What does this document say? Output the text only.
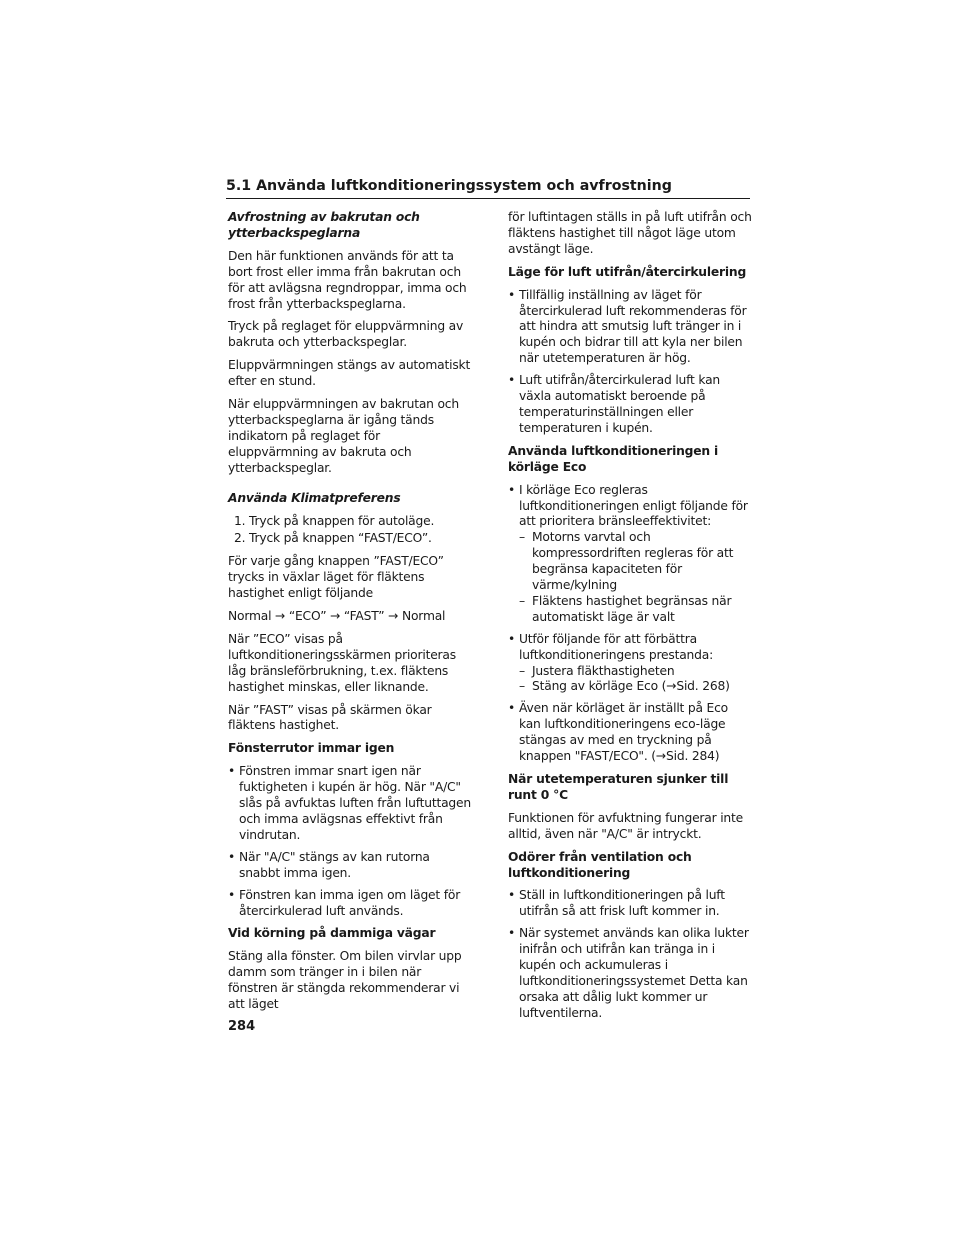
5.1 Använda luftkonditioneringssystem och avfrostning

Avfrostning av bakrutan och ytterbackspeglarna

Den här funktionen används för att ta bort frost eller imma från bakrutan och för att avlägsna regndroppar, imma och frost från ytterbackspeglarna.

Tryck på reglaget för eluppvärmning av bakruta och ytterbackspeglar.

Eluppvärmningen stängs av automatiskt efter en stund.

När eluppvärmningen av bakrutan och ytterbackspeglarna är igång tänds indikatorn på reglaget för eluppvärmning av bakruta och ytterbackspeglar.

Använda Klimatpreferens

1. Tryck på knappen för autoläge.
2. Tryck på knappen “FAST/ECO”.

För varje gång knappen ”FAST/ECO” trycks in växlar läget för fläktens hastighet enligt följande

Normal → “ECO” → “FAST” → Normal

När ”ECO” visas på luftkonditioneringsskärmen prioriteras låg bränsleförbrukning, t.ex. fläktens hastighet minskas, eller liknande.

När ”FAST” visas på skärmen ökar fläktens hastighet.

Fönsterrutor immar igen

• Fönstren immar snart igen när fuktigheten i kupén är hög. När "A/C" slås på avfuktas luften från luftuttagen och imma avlägsnas effektivt från vindrutan.
• När "A/C" stängs av kan rutorna snabbt imma igen.
• Fönstren kan imma igen om läget för återcirkulerad luft används.

Vid körning på dammiga vägar

Stäng alla fönster. Om bilen virvlar upp damm som tränger in i bilen när fönstren är stängda rekommenderar vi att läget

för luftintagen ställs in på luft utifrån och fläktens hastighet till något läge utom avstängt läge.

Läge för luft utifrån/återcirkulering

• Tillfällig inställning av läget för återcirkulerad luft rekommenderas för att hindra att smutsig luft tränger in i kupén och bidrar till att kyla ner bilen när utetemperaturen är hög.
• Luft utifrån/återcirkulerad luft kan växla automatiskt beroende på temperaturinställningen eller temperaturen i kupén.

Använda luftkonditioneringen i körläge Eco

• I körläge Eco regleras luftkonditioneringen enligt följande för att prioritera bränsleeffektivitet:
– Motorns varvtal och kompressordriften regleras för att begränsa kapaciteten för värme/kylning
– Fläktens hastighet begränsas när automatiskt läge är valt
• Utför följande för att förbättra luftkonditioneringens prestanda:
– Justera fläkthastigheten
– Stäng av körläge Eco (→Sid. 268)
• Även när körläget är inställt på Eco kan luftkonditioneringens eco-läge stängas av med en tryckning på knappen "FAST/ECO". (→Sid. 284)

När utetemperaturen sjunker till runt 0 °C

Funktionen för avfuktning fungerar inte alltid, även när "A/C" är intryckt.

Odörer från ventilation och luftkonditionering

• Ställ in luftkonditioneringen på luft utifrån så att frisk luft kommer in.
• När systemet används kan olika lukter inifrån och utifrån kan tränga in i kupén och ackumuleras i luftkonditioneringssystemet Detta kan orsaka att dålig lukt kommer ur luftventilerna.
284
